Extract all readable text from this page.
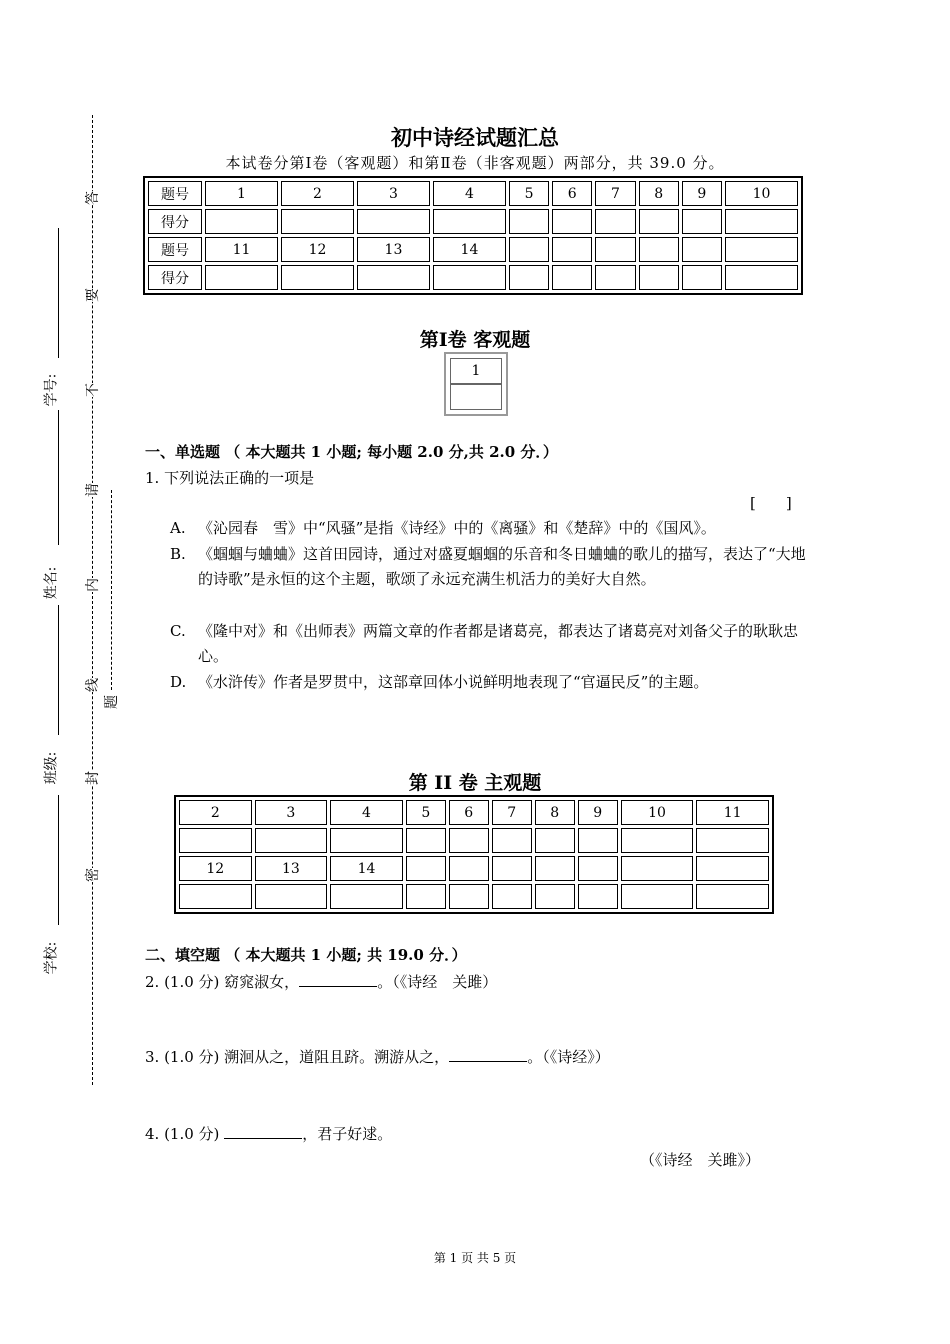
答
要
不
请
内
线
封
密
题
学号:
姓名:
班级:
学校:
初中诗经试题汇总
本试卷分第Ⅰ卷（客观题）和第Ⅱ卷（非客观题）两部分，共 39.0 分。
题号	1	2	3	4	5	6	7	8	9	10
得分										
题号	11	12	13	14						
得分										
第Ⅰ卷 客观题
1
一、单选题 （ 本大题共 1 小题; 每小题 2.0 分,共 2.0 分．）
1. 下列说法正确的一项是
[　　]
A. 《沁园春　雪》中“风骚”是指《诗经》中的《离骚》和《楚辞》中的《国风》。
B. 《蝈蝈与蛐蛐》这首田园诗，通过对盛夏蝈蝈的乐音和冬日蛐蛐的歌儿的描写，表达了“大地的诗歌”是永恒的这个主题，歌颂了永远充满生机活力的美好大自然。
C. 《隆中对》和《出师表》两篇文章的作者都是诸葛亮，都表达了诸葛亮对刘备父子的耿耿忠心。
D. 《水浒传》作者是罗贯中，这部章回体小说鲜明地表现了“官逼民反”的主题。
第 II 卷 主观题
2	3	4	5	6	7	8	9	10	11

12	13	14							

二、填空题 （ 本大题共 1 小题; 共 19.0 分．）
2. (1.0 分) 窈窕淑女，	。（《诗经　关雎）
3. (1.0 分) 溯洄从之，道阻且跻。溯游从之，	。（《诗经》）
4. (1.0 分)	，君子好逑。
（《诗经　关雎》）
第 1 页 共 5 页
